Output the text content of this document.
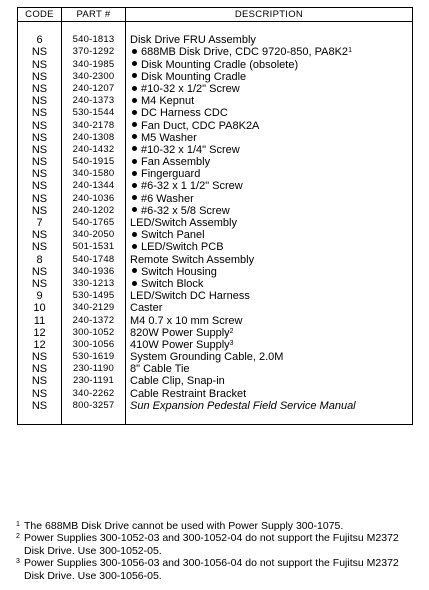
CODE	PART #	DESCRIPTION
6
NS
NS
NS
NS
NS
NS
NS
NS
NS
NS
NS
NS
NS
NS
7
NS
NS
8
NS
NS
9
10
11
12
12
NS
NS
NS
NS
NS
540-1813
370-1292
340-1985
340-2300
240-1207
240-1373
530-1544
340-2178
240-1308
240-1432
540-1915
340-1580
240-1344
240-1036
240-1202
540-1765
340-2050
501-1531
540-1748
340-1936
330-1213
530-1495
340-2129
240-1372
300-1052
300-1056
530-1619
230-1190
230-1191
340-2262
800-3257
Disk Drive FRU Assembly
688MB Disk Drive, CDC 9720-850, $PA8K2^1$
Disk Mounting Cradle (obsolete)
Disk Mounting Cradle
#10-32 x 1/2" Screw
M4 Kepnut
DC Harness CDC
Fan Duct, CDC PA8K2A
M5 Washer
#10-32 x 1/4" Screw
Fan Assembly
Fingerguard
#6-32 x 1 1/2" Screw
#6 Washer
#6-32 x 5/8 Screw
LED/Switch Assembly
Switch Panel
LED/Switch PCB
Remote Switch Assembly
Switch Housing
Switch Block
LED/Switch DC Harness
Caster
M4 0.7 x 10 mm Screw
820W Power Supply$^2$
410W Power Supply$^3$
System Grounding Cable, 2.0M
8" Cable Tie
Cable Clip, Snap-in
Cable Restraint Bracket
Sun Expansion Pedestal Field Service Manual
1 The 688MB Disk Drive cannot be used with Power Supply 300-1075.
2 Power Supplies 300-1052-03 and 300-1052-04 do not support the Fujitsu M2372 Disk Drive. Use 300-1052-05.
3 Power Supplies 300-1056-03 and 300-1056-04 do not support the Fujitsu M2372 Disk Drive. Use 300-1056-05.
